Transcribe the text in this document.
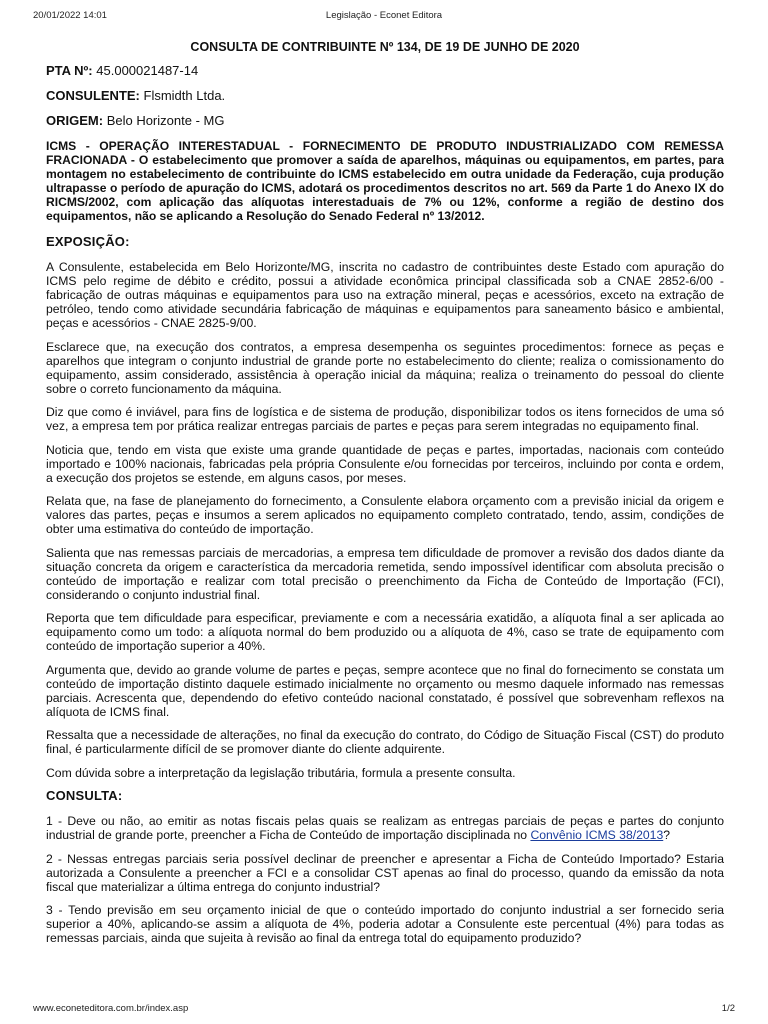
20/01/2022 14:01	Legislação - Econet Editora
CONSULTA DE CONTRIBUINTE Nº 134, DE 19 DE JUNHO DE 2020
PTA Nº: 45.000021487-14
CONSULENTE: Flsmidth Ltda.
ORIGEM: Belo Horizonte - MG
ICMS - OPERAÇÃO INTERESTADUAL - FORNECIMENTO DE PRODUTO INDUSTRIALIZADO COM REMESSA FRACIONADA - O estabelecimento que promover a saída de aparelhos, máquinas ou equipamentos, em partes, para montagem no estabelecimento de contribuinte do ICMS estabelecido em outra unidade da Federação, cuja produção ultrapasse o período de apuração do ICMS, adotará os procedimentos descritos no art. 569 da Parte 1 do Anexo IX do RICMS/2002, com aplicação das alíquotas interestaduais de 7% ou 12%, conforme a região de destino dos equipamentos, não se aplicando a Resolução do Senado Federal nº 13/2012.
EXPOSIÇÃO:

A Consulente, estabelecida em Belo Horizonte/MG, inscrita no cadastro de contribuintes deste Estado com apuração do ICMS pelo regime de débito e crédito, possui a atividade econômica principal classificada sob a CNAE 2852-6/00 - fabricação de outras máquinas e equipamentos para uso na extração mineral, peças e acessórios, exceto na extração de petróleo, tendo como atividade secundária fabricação de máquinas e equipamentos para saneamento básico e ambiental, peças e acessórios - CNAE 2825-9/00.

Esclarece que, na execução dos contratos, a empresa desempenha os seguintes procedimentos: fornece as peças e aparelhos que integram o conjunto industrial de grande porte no estabelecimento do cliente; realiza o comissionamento do equipamento, assim considerado, assistência à operação inicial da máquina; realiza o treinamento do pessoal do cliente sobre o correto funcionamento da máquina.

Diz que como é inviável, para fins de logística e de sistema de produção, disponibilizar todos os itens fornecidos de uma só vez, a empresa tem por prática realizar entregas parciais de partes e peças para serem integradas no equipamento final.

Noticia que, tendo em vista que existe uma grande quantidade de peças e partes, importadas, nacionais com conteúdo importado e 100% nacionais, fabricadas pela própria Consulente e/ou fornecidas por terceiros, incluindo por conta e ordem, a execução dos projetos se estende, em alguns casos, por meses.

Relata que, na fase de planejamento do fornecimento, a Consulente elabora orçamento com a previsão inicial da origem e valores das partes, peças e insumos a serem aplicados no equipamento completo contratado, tendo, assim, condições de obter uma estimativa do conteúdo de importação.

Salienta que nas remessas parciais de mercadorias, a empresa tem dificuldade de promover a revisão dos dados diante da situação concreta da origem e característica da mercadoria remetida, sendo impossível identificar com absoluta precisão o conteúdo de importação e realizar com total precisão o preenchimento da Ficha de Conteúdo de Importação (FCI), considerando o conjunto industrial final.

Reporta que tem dificuldade para especificar, previamente e com a necessária exatidão, a alíquota final a ser aplicada ao equipamento como um todo: a alíquota normal do bem produzido ou a alíquota de 4%, caso se trate de equipamento com conteúdo de importação superior a 40%.

Argumenta que, devido ao grande volume de partes e peças, sempre acontece que no final do fornecimento se constata um conteúdo de importação distinto daquele estimado inicialmente no orçamento ou mesmo daquele informado nas remessas parciais. Acrescenta que, dependendo do efetivo conteúdo nacional constatado, é possível que sobrevenham reflexos na alíquota de ICMS final.

Ressalta que a necessidade de alterações, no final da execução do contrato, do Código de Situação Fiscal (CST) do produto final, é particularmente difícil de se promover diante do cliente adquirente.

Com dúvida sobre a interpretação da legislação tributária, formula a presente consulta.

CONSULTA:

1 - Deve ou não, ao emitir as notas fiscais pelas quais se realizam as entregas parciais de peças e partes do conjunto industrial de grande porte, preencher a Ficha de Conteúdo de importação disciplinada no Convênio ICMS 38/2013?

2 - Nessas entregas parciais seria possível declinar de preencher e apresentar a Ficha de Conteúdo Importado? Estaria autorizada a Consulente a preencher a FCI e a consolidar CST apenas ao final do processo, quando da emissão da nota fiscal que materializar a última entrega do conjunto industrial?

3 - Tendo previsão em seu orçamento inicial de que o conteúdo importado do conjunto industrial a ser fornecido seria superior a 40%, aplicando-se assim a alíquota de 4%, poderia adotar a Consulente este percentual (4%) para todas as remessas parciais, ainda que sujeita à revisão ao final da entrega total do equipamento produzido?

www.econeteditora.com.br/index.asp	1/2
